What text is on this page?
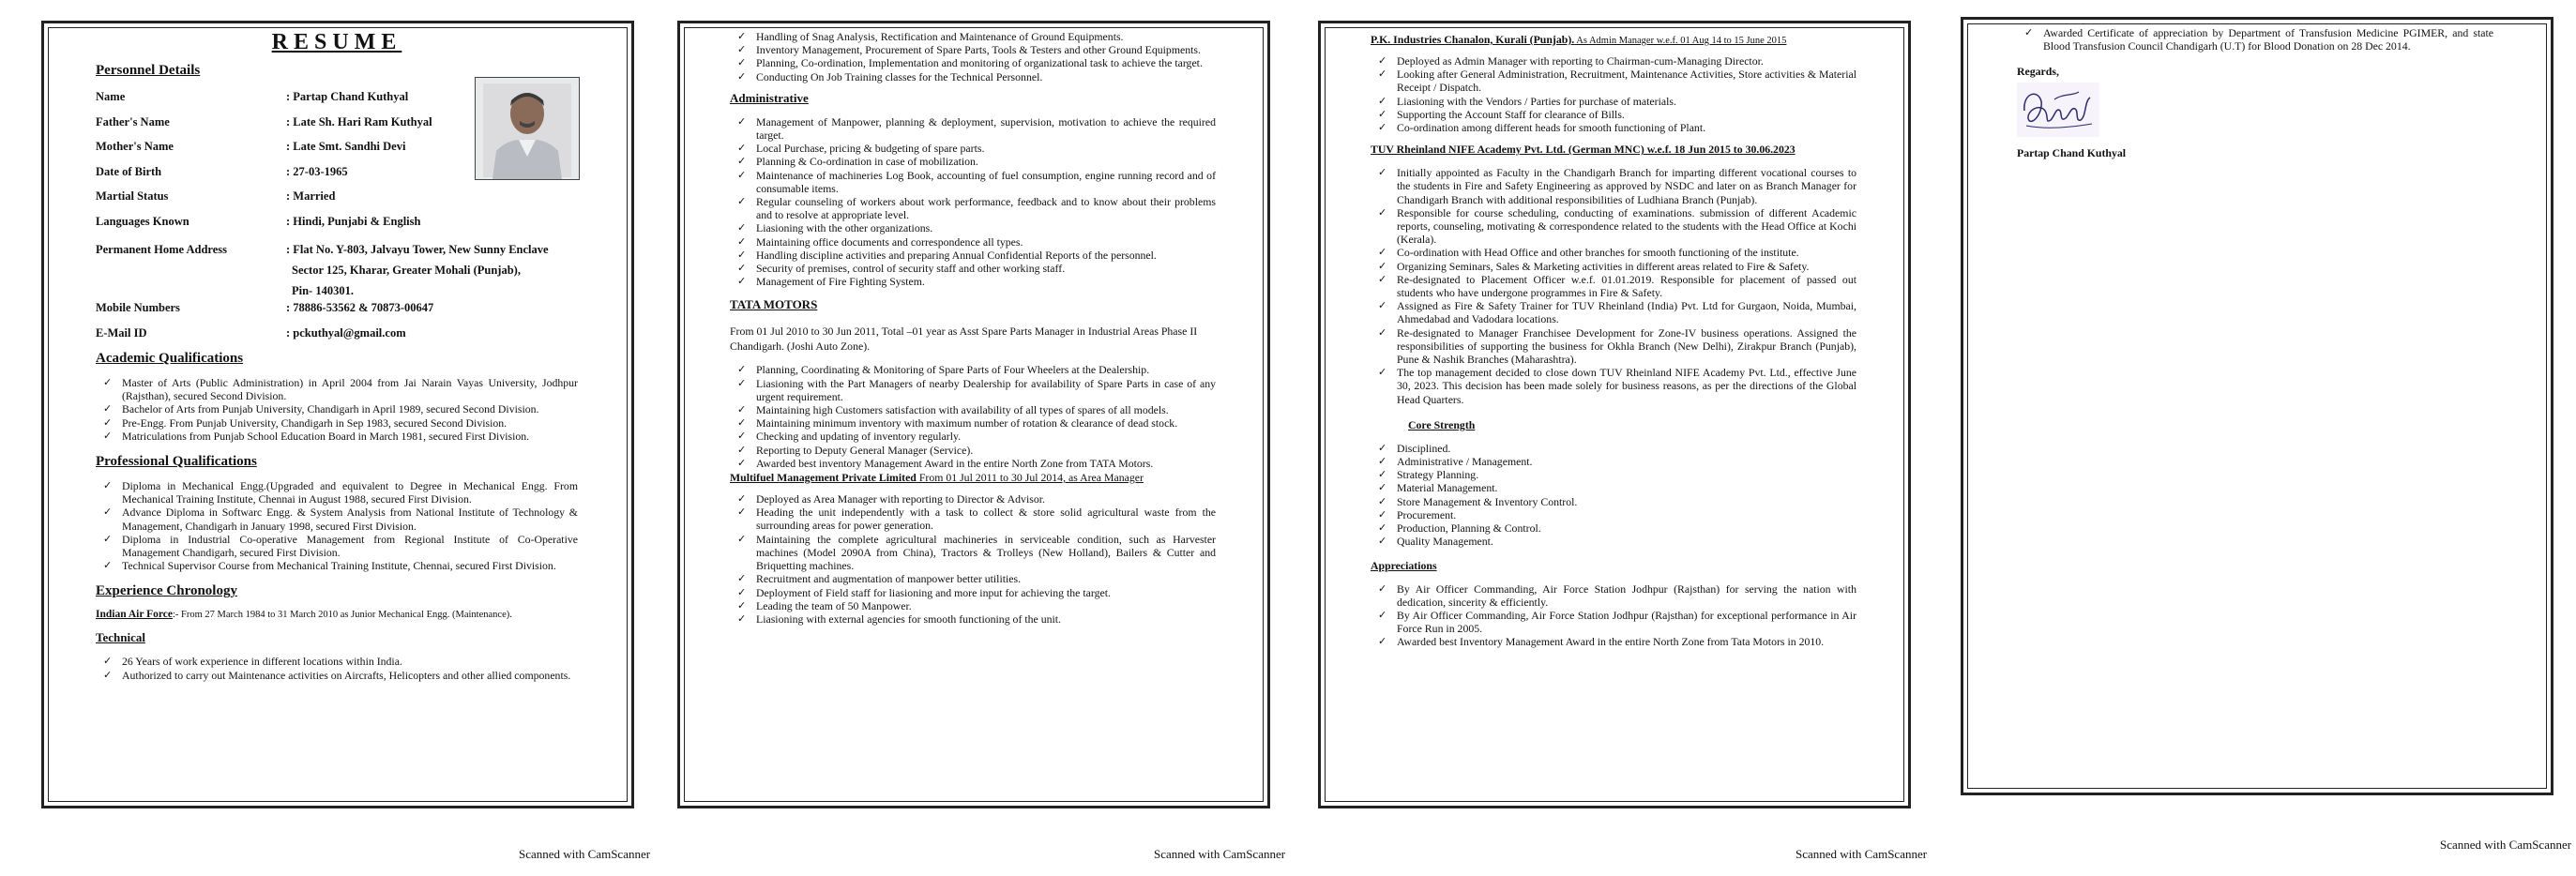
RESUME
Personnel Details
Name	: Partap Chand Kuthyal
Father's Name	: Late Sh. Hari Ram Kuthyal
Mother's Name	: Late Smt. Sandhi Devi
Date of Birth	: 27-03-1965
Martial Status	: Married
Languages Known	: Hindi, Punjabi & English
Permanent Home Address	: Flat No. Y-803, Jalvayu Tower, New Sunny Enclave
Sector 125, Kharar, Greater Mohali (Punjab),
Pin- 140301.
Mobile Numbers	: 78886-53562 & 70873-00647
E-Mail ID	: pckuthyal@gmail.com
Academic Qualifications
✓ Master of Arts (Public Administration) in April 2004 from Jai Narain Vayas University, Jodhpur (Rajsthan), secured Second Division.
✓ Bachelor of Arts from Punjab University, Chandigarh in April 1989, secured Second Division.
✓ Pre-Engg. From Punjab University, Chandigarh in Sep 1983, secured Second Division.
✓ Matriculations from Punjab School Education Board in March 1981, secured First Division.
Professional Qualifications
✓ Diploma in Mechanical Engg.(Upgraded and equivalent to Degree in Mechanical Engg. From Mechanical Training Institute, Chennai in August 1988, secured First Division.
✓ Advance Diploma in Softwarc Engg. & System Analysis from National Institute of Technology & Management, Chandigarh in January 1998, secured First Division.
✓ Diploma in Industrial Co-operative Management from Regional Institute of Co-Operative Management Chandigarh, secured First Division.
✓ Technical Supervisor Course from Mechanical Training Institute, Chennai, secured First Division.
Experience Chronology
Indian Air Force:- From 27 March 1984 to 31 March 2010 as Junior Mechanical Engg. (Maintenance).
Technical
✓ 26 Years of work experience in different locations within India.
✓ Authorized to carry out Maintenance activities on Aircrafts, Helicopters and other allied components.
Scanned with CamScanner
✓ Handling of Snag Analysis, Rectification and Maintenance of Ground Equipments.
✓ Inventory Management, Procurement of Spare Parts, Tools & Testers and other Ground Equipments.
✓ Planning, Co-ordination, Implementation and monitoring of organizational task to achieve the target.
✓ Conducting On Job Training classes for the Technical Personnel.
Administrative
✓ Management of Manpower, planning & deployment, supervision, motivation to achieve the required target.
✓ Local Purchase, pricing & budgeting of spare parts.
✓ Planning & Co-ordination in case of mobilization.
✓ Maintenance of machineries Log Book, accounting of fuel consumption, engine running record and of consumable items.
✓ Regular counseling of workers about work performance, feedback and to know about their problems and to resolve at appropriate level.
✓ Liasioning with the other organizations.
✓ Maintaining office documents and correspondence all types.
✓ Handling discipline activities and preparing Annual Confidential Reports of the personnel.
✓ Security of premises, control of security staff and other working staff.
✓ Management of Fire Fighting System.
TATA MOTORS
From 01 Jul 2010 to 30 Jun 2011, Total –01 year as Asst Spare Parts Manager in Industrial Areas Phase II Chandigarh. (Joshi Auto Zone).
✓ Planning, Coordinating & Monitoring of Spare Parts of Four Wheelers at the Dealership.
✓ Liasioning with the Part Managers of nearby Dealership for availability of Spare Parts in case of any urgent requirement.
✓ Maintaining high Customers satisfaction with availability of all types of spares of all models.
✓ Maintaining minimum inventory with maximum number of rotation & clearance of dead stock.
✓ Checking and updating of inventory regularly.
✓ Reporting to Deputy General Manager (Service).
✓ Awarded best inventory Management Award in the entire North Zone from TATA Motors.
Multifuel Management Private Limited From 01 Jul 2011 to 30 Jul 2014, as Area Manager
✓ Deployed as Area Manager with reporting to Director & Advisor.
✓ Heading the unit independently with a task to collect & store solid agricultural waste from the surrounding areas for power generation.
✓ Maintaining the complete agricultural machineries in serviceable condition, such as Harvester machines (Model 2090A from China), Tractors & Trolleys (New Holland), Bailers & Cutter and Briquetting machines.
✓ Recruitment and augmentation of manpower better utilities.
✓ Deployment of Field staff for liasioning and more input for achieving the target.
✓ Leading the team of 50 Manpower.
✓ Liasioning with external agencies for smooth functioning of the unit.
Scanned with CamScanner
P.K. Industries Chanalon, Kurali (Punjab). As Admin Manager w.e.f. 01 Aug 14 to 15 June 2015
✓ Deployed as Admin Manager with reporting to Chairman-cum-Managing Director.
✓ Looking after General Administration, Recruitment, Maintenance Activities, Store activities & Material Receipt / Dispatch.
✓ Liasioning with the Vendors / Parties for purchase of materials.
✓ Supporting the Account Staff for clearance of Bills.
✓ Co-ordination among different heads for smooth functioning of Plant.
TUV Rheinland NIFE Academy Pvt. Ltd. (German MNC) w.e.f. 18 Jun 2015 to 30.06.2023
✓ Initially appointed as Faculty in the Chandigarh Branch for imparting different vocational courses to the students in Fire and Safety Engineering as approved by NSDC and later on as Branch Manager for Chandigarh Branch with additional responsibilities of Ludhiana Branch (Punjab).
✓ Responsible for course scheduling, conducting of examinations. submission of different Academic reports, counseling, motivating & correspondence related to the students with the Head Office at Kochi (Kerala).
✓ Co-ordination with Head Office and other branches for smooth functioning of the institute.
✓ Organizing Seminars, Sales & Marketing activities in different areas related to Fire & Safety.
✓ Re-designated to Placement Officer w.e.f. 01.01.2019. Responsible for placement of passed out students who have undergone programmes in Fire & Safety.
✓ Assigned as Fire & Safety Trainer for TUV Rheinland (India) Pvt. Ltd for Gurgaon, Noida, Mumbai, Ahmedabad and Vadodara locations.
✓ Re-designated to Manager Franchisee Development for Zone-IV business operations. Assigned the responsibilities of supporting the business for Okhla Branch (New Delhi), Zirakpur Branch (Punjab), Pune & Nashik Branches (Maharashtra).
✓ The top management decided to close down TUV Rheinland NIFE Academy Pvt. Ltd., effective June 30, 2023. This decision has been made solely for business reasons, as per the directions of the Global Head Quarters.
Core Strength
✓ Disciplined.
✓ Administrative / Management.
✓ Strategy Planning.
✓ Material Management.
✓ Store Management & Inventory Control.
✓ Procurement.
✓ Production, Planning & Control.
✓ Quality Management.
Appreciations
✓ By Air Officer Commanding, Air Force Station Jodhpur (Rajsthan) for serving the nation with dedication, sincerity & efficiently.
✓ By Air Officer Commanding, Air Force Station Jodhpur (Rajsthan) for exceptional performance in Air Force Run in 2005.
✓ Awarded best Inventory Management Award in the entire North Zone from Tata Motors in 2010.
Scanned with CamScanner
✓ Awarded Certificate of appreciation by Department of Transfusion Medicine PGIMER, and state Blood Transfusion Council Chandigarh (U.T) for Blood Donation on 28 Dec 2014.
Regards,
Partap Chand Kuthyal
Scanned with CamScanner
